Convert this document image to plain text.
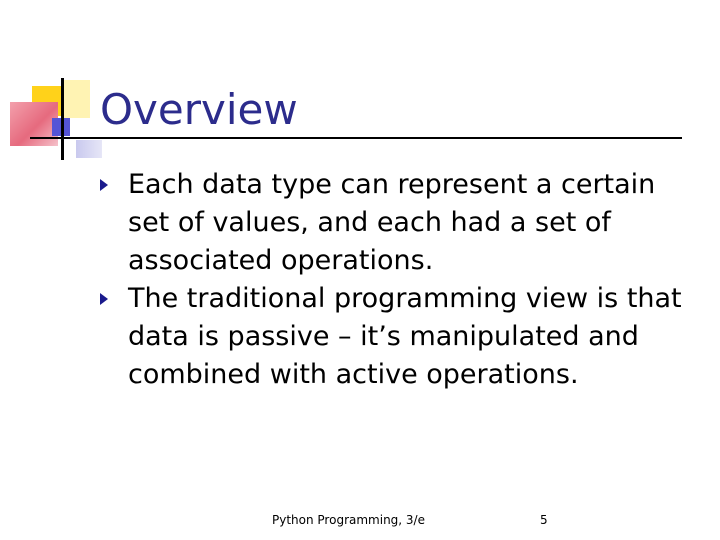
Overview
Each data type can represent a certain set of values, and each had a set of associated operations.
The traditional programming view is that data is passive – it’s manipulated and combined with active operations.
Python Programming, 3/e	5
